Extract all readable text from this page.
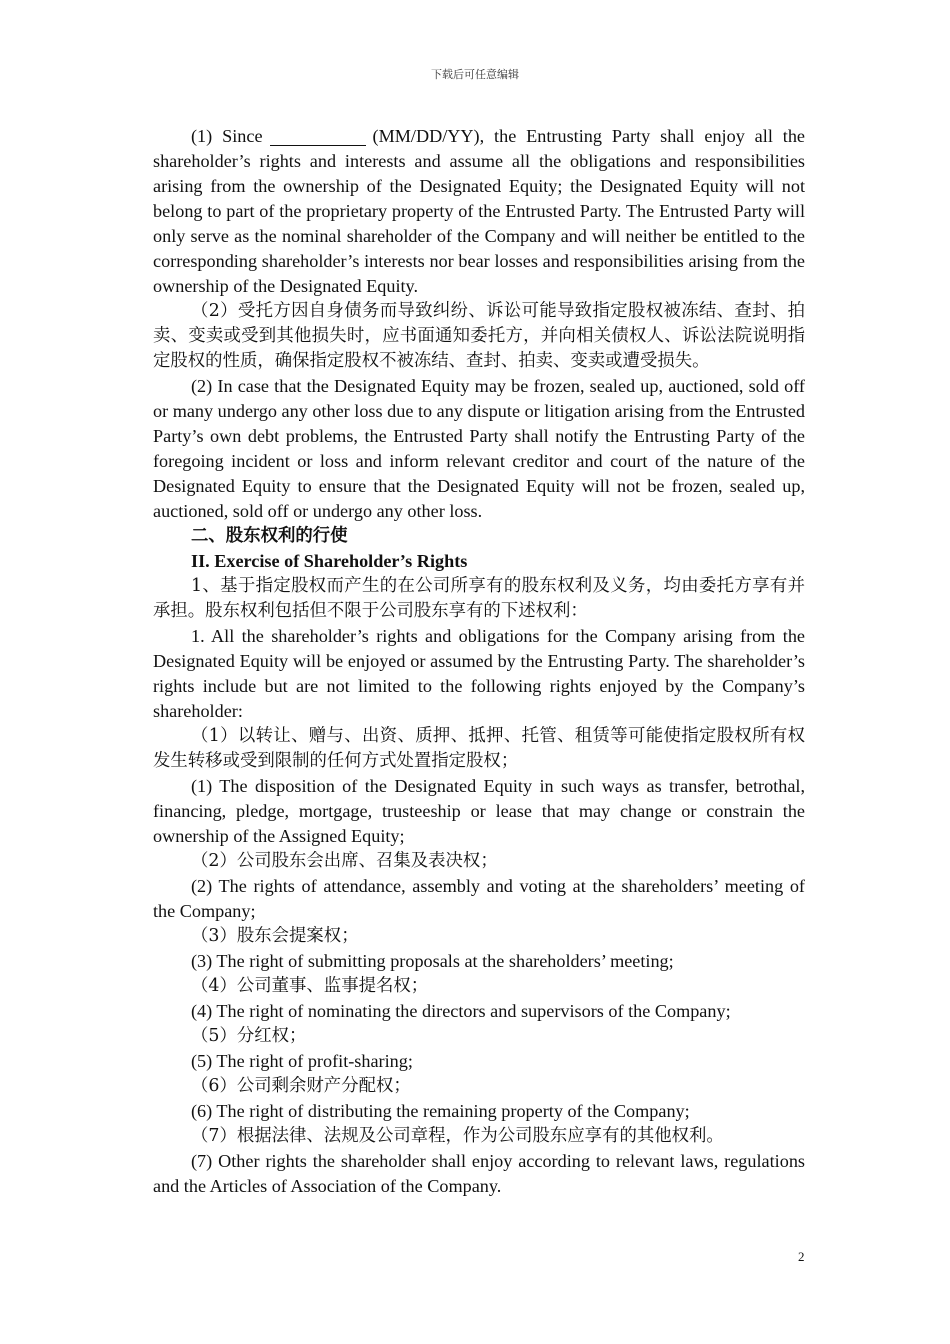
下载后可任意编辑

(1) Since	(MM/DD/YY), the Entrusting Party shall enjoy all the shareholder’s rights and interests and assume all the obligations and responsibilities arising from the ownership of the Designated Equity; the Designated Equity will not belong to part of the proprietary property of the Entrusted Party. The Entrusted Party will only serve as the nominal shareholder of the Company and will neither be entitled to the corresponding shareholder’s interests nor bear losses and responsibilities arising from the ownership of the Designated Equity.

（2）受托方因自身债务而导致纠纷、诉讼可能导致指定股权被冻结、查封、拍卖、变卖或受到其他损失时，应书面通知委托方，并向相关债权人、诉讼法院说明指定股权的性质，确保指定股权不被冻结、查封、拍卖、变卖或遭受损失。

(2) In case that the Designated Equity may be frozen, sealed up, auctioned, sold off or many undergo any other loss due to any dispute or litigation arising from the Entrusted Party’s own debt problems, the Entrusted Party shall notify the Entrusting Party of the foregoing incident or loss and inform relevant creditor and court of the nature of the Designated Equity to ensure that the Designated Equity will not be frozen, sealed up, auctioned, sold off or undergo any other loss.

二、股东权利的行使

II. Exercise of Shareholder’s Rights

1、基于指定股权而产生的在公司所享有的股东权利及义务，均由委托方享有并承担。股东权利包括但不限于公司股东享有的下述权利：

1. All the shareholder’s rights and obligations for the Company arising from the Designated Equity will be enjoyed or assumed by the Entrusting Party. The shareholder’s rights include but are not limited to the following rights enjoyed by the Company’s shareholder:

（1）以转让、赠与、出资、质押、抵押、托管、租赁等可能使指定股权所有权发生转移或受到限制的任何方式处置指定股权；

(1) The disposition of the Designated Equity in such ways as transfer, betrothal, financing, pledge, mortgage, trusteeship or lease that may change or constrain the ownership of the Assigned Equity;

（2）公司股东会出席、召集及表决权；

(2) The rights of attendance, assembly and voting at the shareholders’ meeting of the Company;

（3）股东会提案权；

(3) The right of submitting proposals at the shareholders’ meeting;

（4）公司董事、监事提名权；

(4) The right of nominating the directors and supervisors of the Company;

（5）分红权；

(5) The right of profit-sharing;

（6）公司剩余财产分配权；

(6) The right of distributing the remaining property of the Company;

（7）根据法律、法规及公司章程，作为公司股东应享有的其他权利。

(7) Other rights the shareholder shall enjoy according to relevant laws, regulations and the Articles of Association of the Company.

2
